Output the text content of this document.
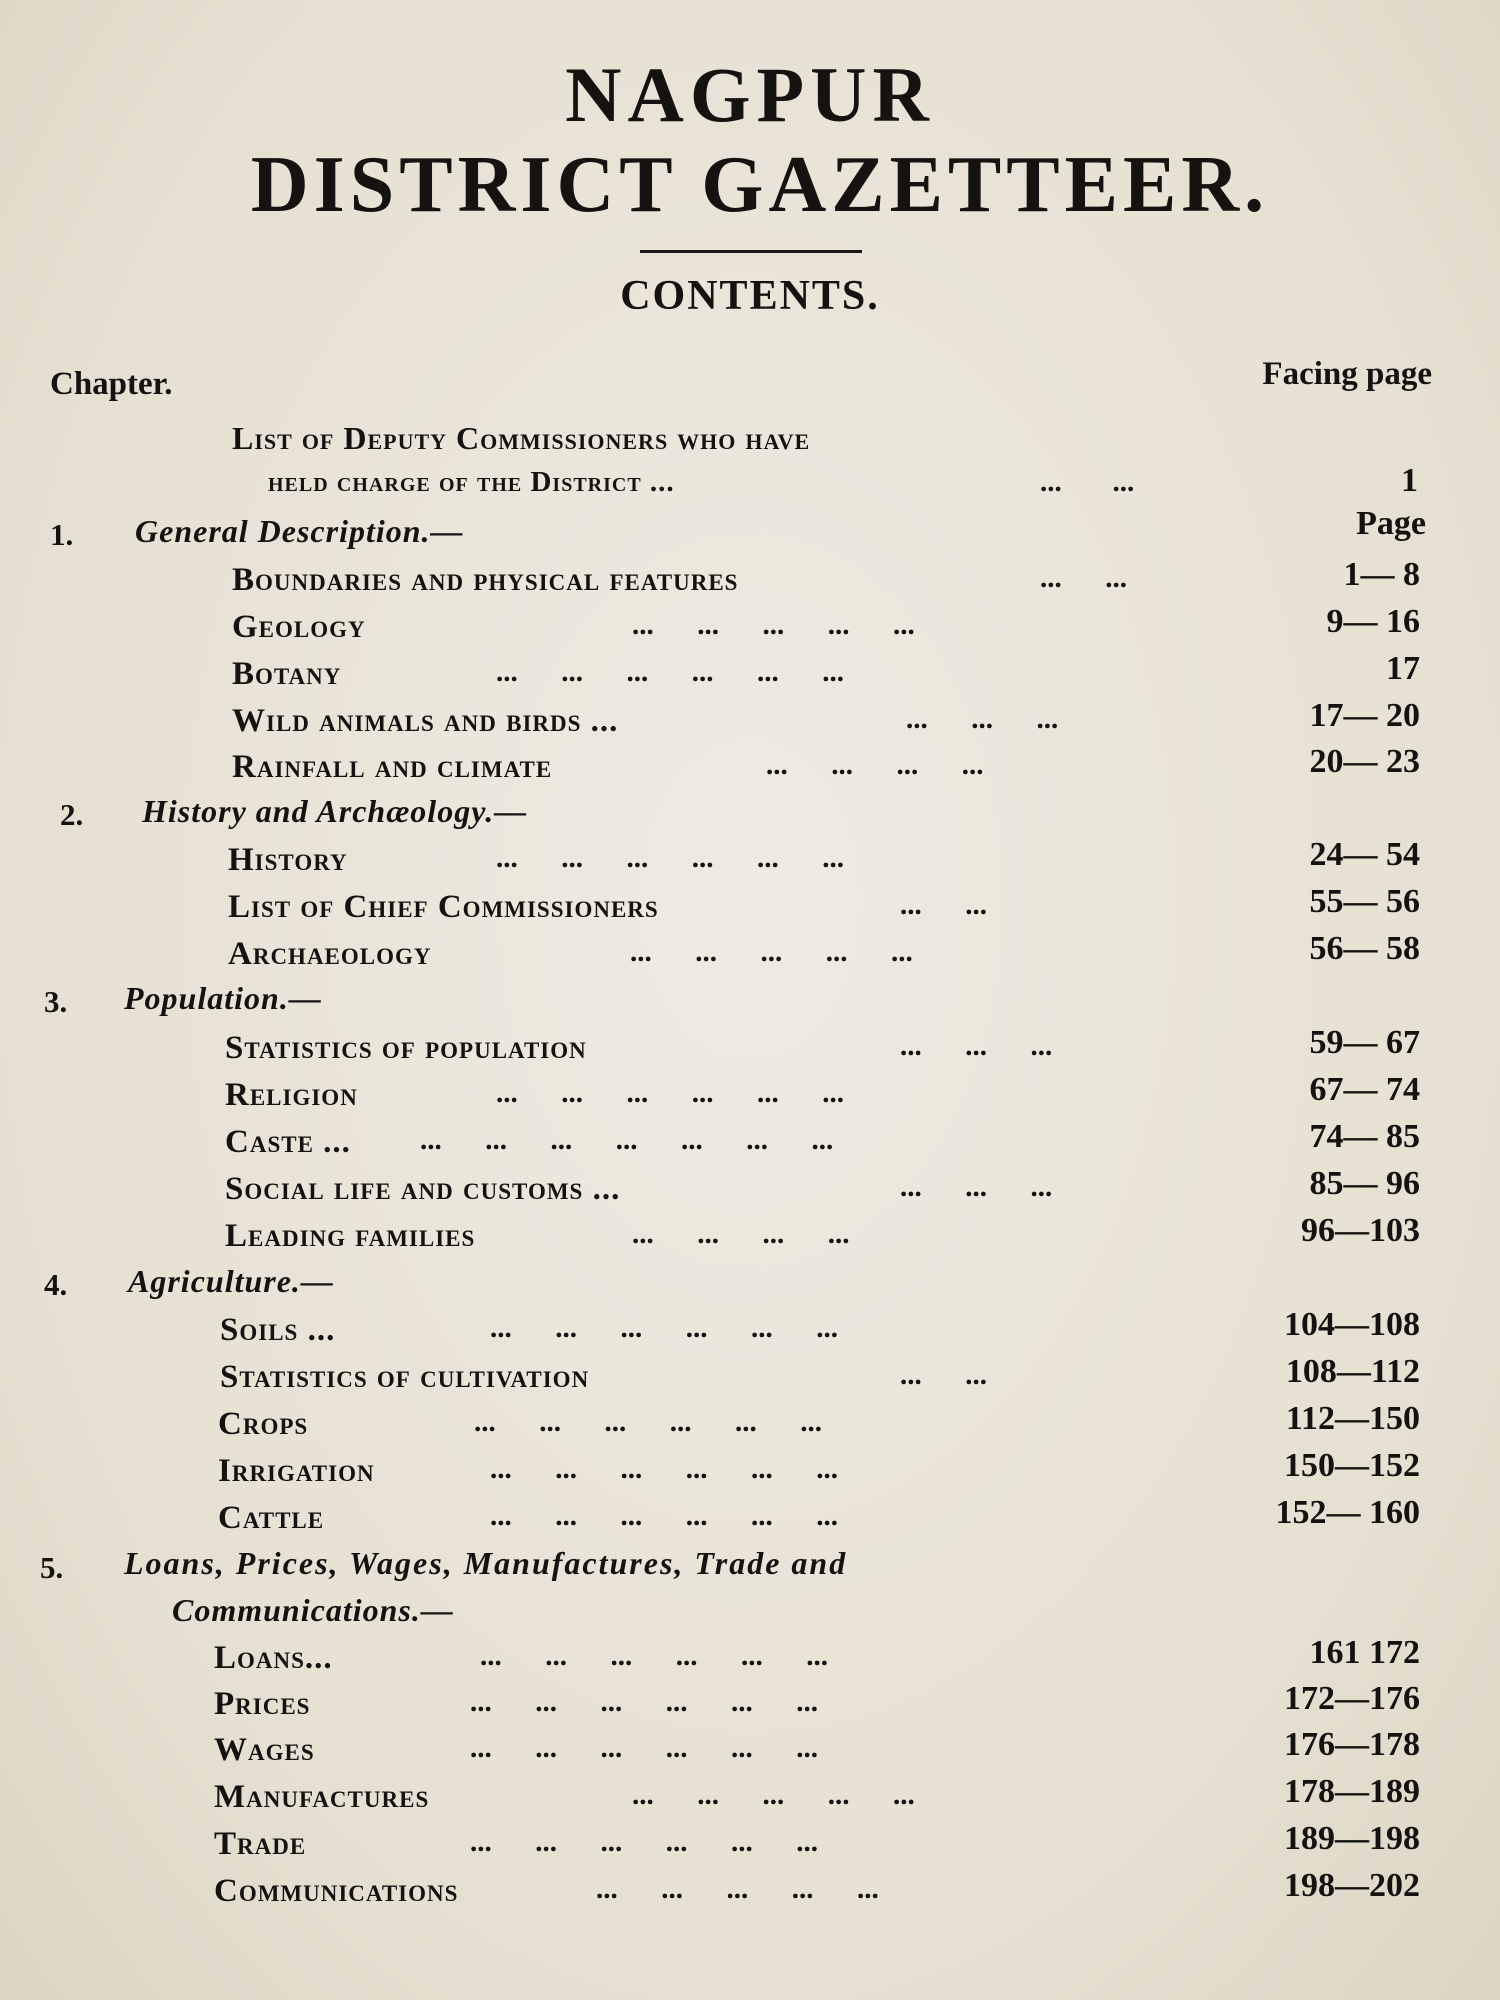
NAGPUR
DISTRICT GAZETTEER.
CONTENTS.
Chapter.	Facing page
List of Deputy Commissioners who have
held charge of the District ...	...       ...	1
1. General Description.—	Page
Boundaries and physical features	...      ...	1— 8
Geology	...      ...      ...      ...      ...	9— 16
Botany	...      ...      ...      ...      ...      ...	17
Wild animals and birds ...	...      ...      ...	17— 20
Rainfall and climate	...      ...      ...      ...	20— 23
2. History and Archæology.—
History	...      ...      ...      ...      ...      ...	24— 54
List of Chief Commissioners	...      ...	55— 56
Archaeology	...      ...      ...      ...      ...	56— 58
3. Population.—
Statistics of population	...      ...      ...	59— 67
Religion	...      ...      ...      ...      ...      ...	67— 74
Caste ... ...      ...      ...      ...      ...      ...      ...	74— 85
Social life and customs ...	...      ...      ...	85— 96
Leading families	...      ...      ...      ...	96—103
4. Agriculture.—
Soils ...	...      ...      ...      ...      ...      ...	104—108
Statistics of cultivation	...      ...	108—112
Crops	...      ...      ...      ...      ...      ...	112—150
Irrigation	...      ...      ...      ...      ...      ...	150—152
Cattle	...      ...      ...      ...      ...      ...	152— 160
5. Loans, Prices, Wages, Manufactures, Trade and
Communications.—
Loans...	...      ...      ...      ...      ...      ...	161 172
Prices	...      ...      ...      ...      ...      ...	172—176
Wages	...      ...      ...      ...      ...      ...	176—178
Manufactures	...      ...      ...      ...      ...	178—189
Trade	...      ...      ...      ...      ...      ...	189—198
Communications	...      ...      ...      ...      ...	198—202
